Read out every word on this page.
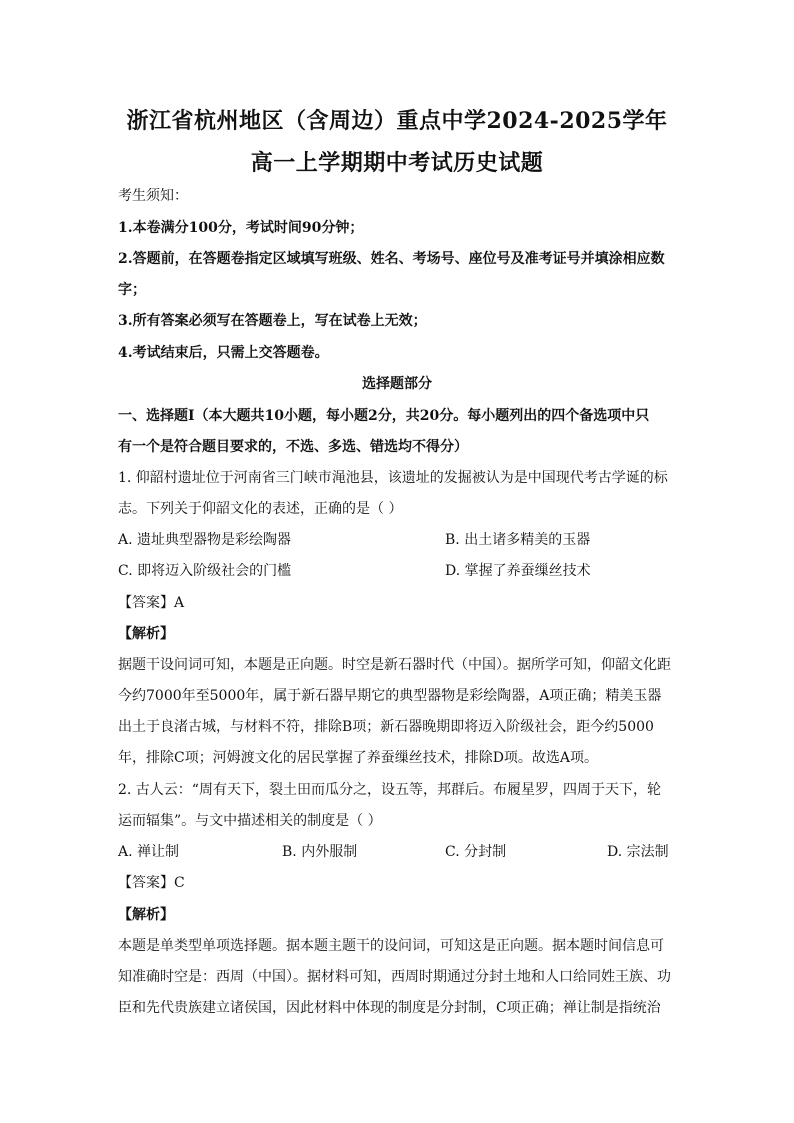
浙江省杭州地区（含周边）重点中学2024-2025学年
高一上学期期中考试历史试题
考生须知：
1.本卷满分100分，考试时间90分钟；
2.答题前，在答题卷指定区域填写班级、姓名、考场号、座位号及准考证号并填涂相应数
字；
3.所有答案必须写在答题卷上，写在试卷上无效；
4.考试结束后，只需上交答题卷。
选择题部分
一、选择题Ⅰ（本大题共10小题，每小题2分，共20分。每小题列出的四个备选项中只
有一个是符合题目要求的，不选、多选、错选均不得分）
1. 仰韶村遗址位于河南省三门峡市渑池县，该遗址的发掘被认为是中国现代考古学诞的标
志。下列关于仰韶文化的表述，正确的是（ ）
A. 遗址典型器物是彩绘陶器	B. 出土诸多精美的玉器
C. 即将迈入阶级社会的门槛	D. 掌握了养蚕缫丝技术
【答案】A
【解析】
据题干设问词可知，本题是正向题。时空是新石器时代（中国）。据所学可知，仰韶文化距
今约7000年至5000年，属于新石器早期它的典型器物是彩绘陶器，A项正确；精美玉器
出土于良渚古城，与材料不符，排除B项；新石器晚期即将迈入阶级社会，距今约5000
年，排除C项；河姆渡文化的居民掌握了养蚕缫丝技术，排除D项。故选A项。
2. 古人云：“周有天下，裂土田而瓜分之，设五等，邦群后。布履星罗，四周于天下，轮
运而辐集”。与文中描述相关的制度是（ ）
A. 禅让制	B. 内外服制	C. 分封制	D. 宗法制
【答案】C
【解析】
本题是单类型单项选择题。据本题主题干的设问词，可知这是正向题。据本题时间信息可
知准确时空是：西周（中国）。据材料可知，西周时期通过分封土地和人口给同姓王族、功
臣和先代贵族建立诸侯国，因此材料中体现的制度是分封制，C项正确；禅让制是指统治
